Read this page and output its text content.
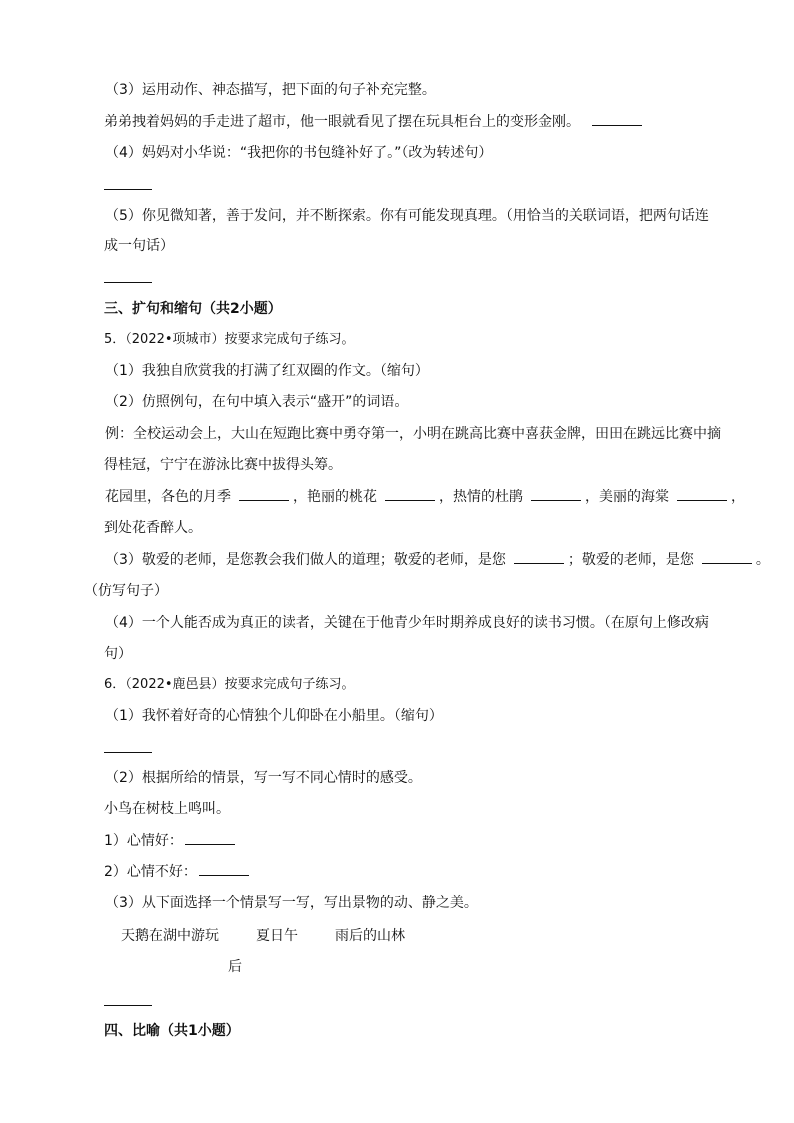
（3）运用动作、神态描写，把下面的句子补充完整。
弟弟拽着妈妈的手走进了超市，他一眼就看见了摆在玩具柜台上的变形金刚。
（4）妈妈对小华说：“我把你的书包缝补好了。”（改为转述句）
（5）你见微知著，善于发问，并不断探索。你有可能发现真理。（用恰当的关联词语，把两句话连
成一句话）
三、扩句和缩句（共2小题）
5．（2022•项城市）按要求完成句子练习。
（1）我独自欣赏我的打满了红双圈的作文。（缩句）
（2）仿照例句，在句中填入表示“盛开”的词语。
例：全校运动会上，大山在短跑比赛中勇夺第一，小明在跳高比赛中喜获金牌，田田在跳远比赛中摘
得桂冠，宁宁在游泳比赛中拔得头筹。
花园里，各色的月季	，艳丽的桃花	，热情的杜鹃	，美丽的海棠	，
到处花香醉人。
（3）敬爱的老师，是您教会我们做人的道理；敬爱的老师，是您	；敬爱的老师，是您	。
（仿写句子）
（4）一个人能否成为真正的读者，关键在于他青少年时期养成良好的读书习惯。（在原句上修改病
句）
6．（2022•鹿邑县）按要求完成句子练习。
（1）我怀着好奇的心情独个儿仰卧在小船里。（缩句）
（2）根据所给的情景，写一写不同心情时的感受。
小鸟在树枝上鸣叫。
1）心情好：
2）心情不好：
（3）从下面选择一个情景写一写，写出景物的动、静之美。
天鹅在湖中游玩	夏日午
后
雨后的山林
四、比喻（共1小题）
